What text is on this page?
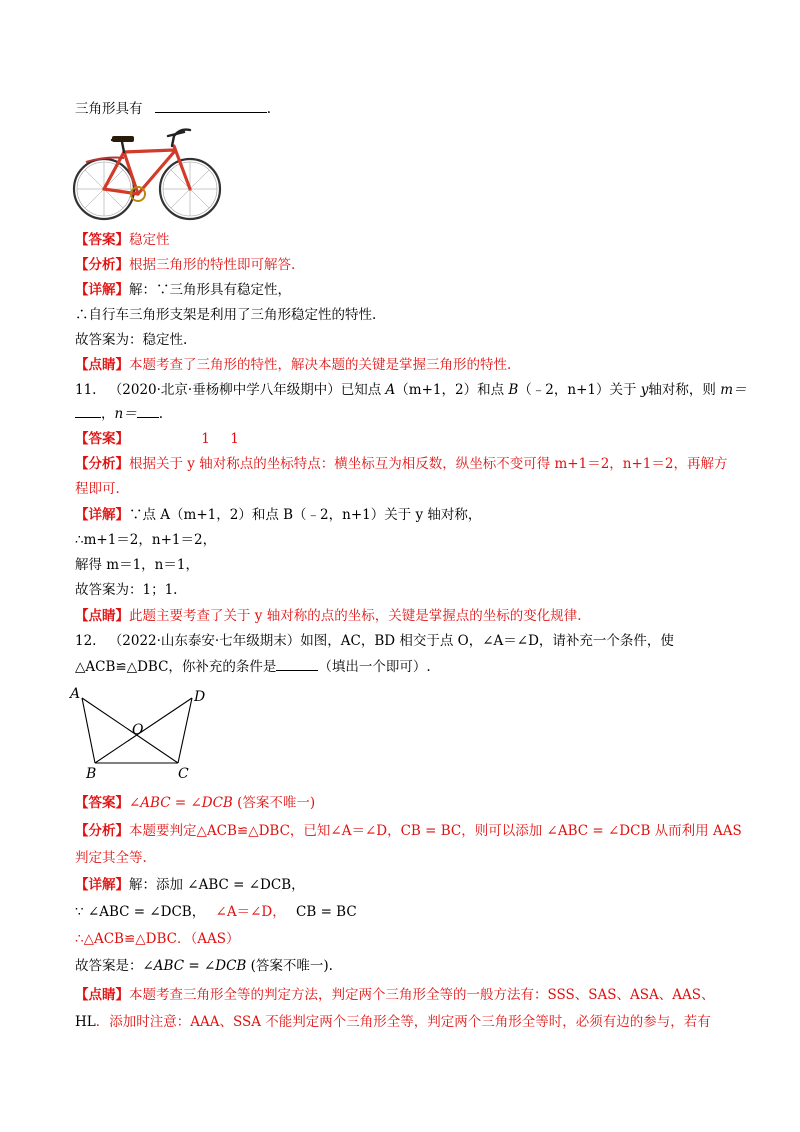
三角形具有	.
【答案】稳定性
【分析】根据三角形的特性即可解答.
【详解】解：∵三角形具有稳定性，
∴自行车三角形支架是利用了三角形稳定性的特性.
故答案为：稳定性.
【点睛】本题考查了三角形的特性，解决本题的关键是掌握三角形的特性.
11. （2020·北京·垂杨柳中学八年级期中）已知点 A（m+1，2）和点 B（﹣2，n+1）关于 y轴对称，则 m＝
，n＝ .
【答案】	1 1
【分析】根据关于 y 轴对称点的坐标特点：横坐标互为相反数，纵坐标不变可得 m+1＝2，n+1＝2，再解方
程即可.
【详解】∵点 A（m+1，2）和点 B（﹣2，n+1）关于 y 轴对称，
∴m+1＝2，n+1＝2，
解得 m＝1，n＝1，
故答案为：1；1.
【点睛】此题主要考查了关于 y 轴对称的点的坐标，关键是掌握点的坐标的变化规律.
12. （2022·山东泰安·七年级期末）如图，AC，BD 相交于点 O，∠A＝∠D，请补充一个条件，使
△ACB≌△DBC，你补充的条件是	（填出一个即可）.
A	D
O
B	C
【答案】∠ABC = ∠DCB (答案不唯一)
【分析】本题要判定△ACB≌△DBC，已知∠A＝∠D，CB = BC，则可以添加 ∠ABC = ∠DCB 从而利用 AAS
判定其全等.
【详解】解：添加 ∠ABC = ∠DCB，
∵ ∠ABC = ∠DCB， ∠A＝∠D， CB = BC
∴△ACB≌△DBC．（AAS）
故答案是：∠ABC = ∠DCB (答案不唯一).
【点睛】本题考查三角形全等的判定方法，判定两个三角形全等的一般方法有：SSS、SAS、ASA、AAS、
HL．添加时注意：AAA、SSA 不能判定两个三角形全等，判定两个三角形全等时，必须有边的参与，若有
